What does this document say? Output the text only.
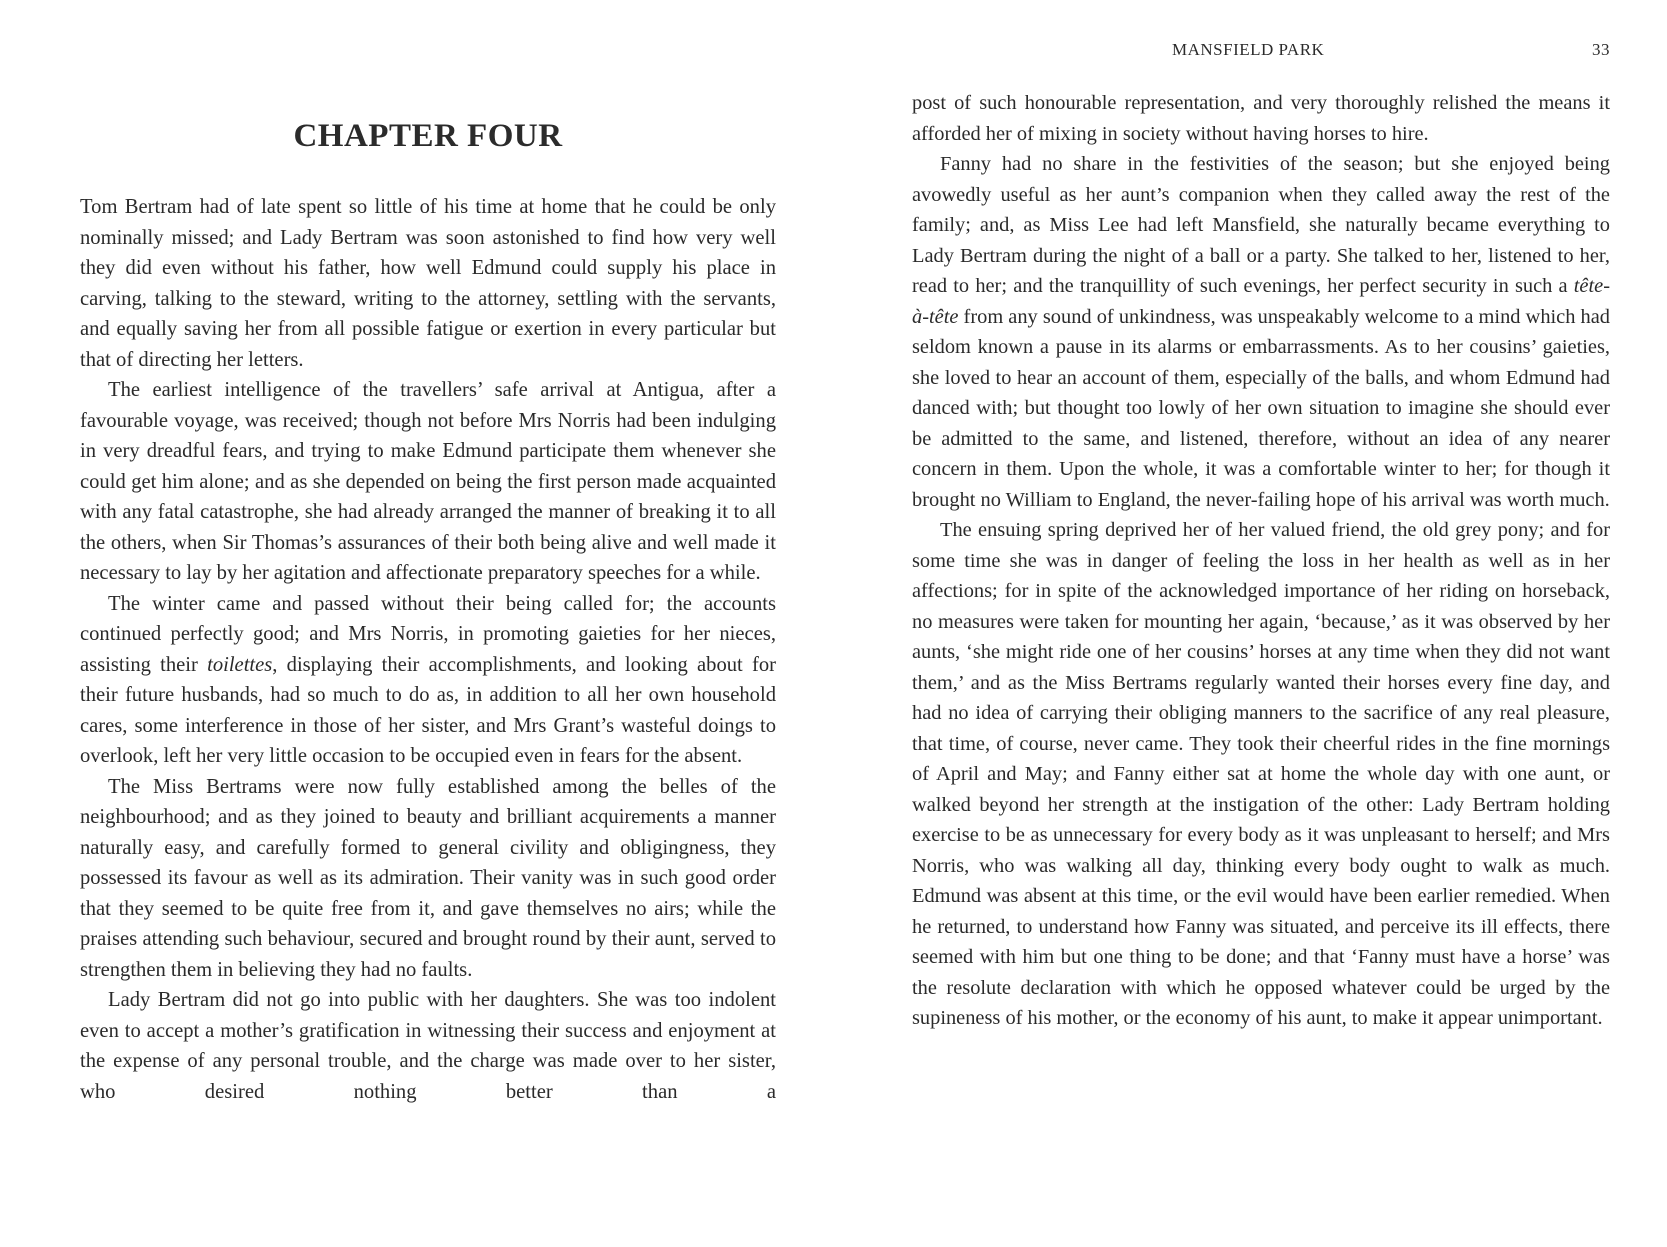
CHAPTER FOUR

Tom Bertram had of late spent so little of his time at home that he could be only nominally missed; and Lady Bertram was soon astonished to find how very well they did even without his father, how well Edmund could supply his place in carving, talking to the steward, writing to the attorney, settling with the servants, and equally saving her from all possible fatigue or exertion in every particular but that of directing her letters.

The earliest intelligence of the travellers’ safe arrival at Antigua, after a favourable voyage, was received; though not before Mrs Norris had been indulging in very dreadful fears, and trying to make Edmund participate them whenever she could get him alone; and as she depended on being the first person made acquainted with any fatal catastrophe, she had already arranged the manner of breaking it to all the others, when Sir Thomas’s assurances of their both being alive and well made it necessary to lay by her agitation and affectionate preparatory speeches for a while.

The winter came and passed without their being called for; the accounts continued perfectly good; and Mrs Norris, in promoting gaieties for her nieces, assisting their toilettes, displaying their accomplishments, and looking about for their future husbands, had so much to do as, in addition to all her own household cares, some interference in those of her sister, and Mrs Grant’s wasteful doings to overlook, left her very little occasion to be occupied even in fears for the absent.

The Miss Bertrams were now fully established among the belles of the neighbourhood; and as they joined to beauty and brilliant acquirements a manner naturally easy, and carefully formed to general civility and obligingness, they possessed its favour as well as its admiration. Their vanity was in such good order that they seemed to be quite free from it, and gave themselves no airs; while the praises attending such behaviour, secured and brought round by their aunt, served to strengthen them in believing they had no faults.

Lady Bertram did not go into public with her daughters. She was too indolent even to accept a mother’s gratification in witnessing their success and enjoyment at the expense of any personal trouble, and the charge was made over to her sister, who desired nothing better than a

MANSFIELD PARK	33

post of such honourable representation, and very thoroughly relished the means it afforded her of mixing in society without having horses to hire.

Fanny had no share in the festivities of the season; but she enjoyed being avowedly useful as her aunt’s companion when they called away the rest of the family; and, as Miss Lee had left Mansfield, she naturally became everything to Lady Bertram during the night of a ball or a party. She talked to her, listened to her, read to her; and the tranquillity of such evenings, her perfect security in such a tête-à-tête from any sound of unkindness, was unspeakably welcome to a mind which had seldom known a pause in its alarms or embarrassments. As to her cousins’ gaieties, she loved to hear an account of them, especially of the balls, and whom Edmund had danced with; but thought too lowly of her own situation to imagine she should ever be admitted to the same, and listened, therefore, without an idea of any nearer concern in them. Upon the whole, it was a comfortable winter to her; for though it brought no William to England, the never-failing hope of his arrival was worth much.

The ensuing spring deprived her of her valued friend, the old grey pony; and for some time she was in danger of feeling the loss in her health as well as in her affections; for in spite of the acknowledged importance of her riding on horseback, no measures were taken for mounting her again, ‘because,’ as it was observed by her aunts, ‘she might ride one of her cousins’ horses at any time when they did not want them,’ and as the Miss Bertrams regularly wanted their horses every fine day, and had no idea of carrying their obliging manners to the sacrifice of any real pleasure, that time, of course, never came. They took their cheerful rides in the fine mornings of April and May; and Fanny either sat at home the whole day with one aunt, or walked beyond her strength at the instigation of the other: Lady Bertram holding exercise to be as unnecessary for every body as it was unpleasant to herself; and Mrs Norris, who was walking all day, thinking every body ought to walk as much. Edmund was absent at this time, or the evil would have been earlier remedied. When he returned, to understand how Fanny was situated, and perceive its ill effects, there seemed with him but one thing to be done; and that ‘Fanny must have a horse’ was the resolute declaration with which he opposed whatever could be urged by the supineness of his mother, or the economy of his aunt, to make it appear unimportant.
